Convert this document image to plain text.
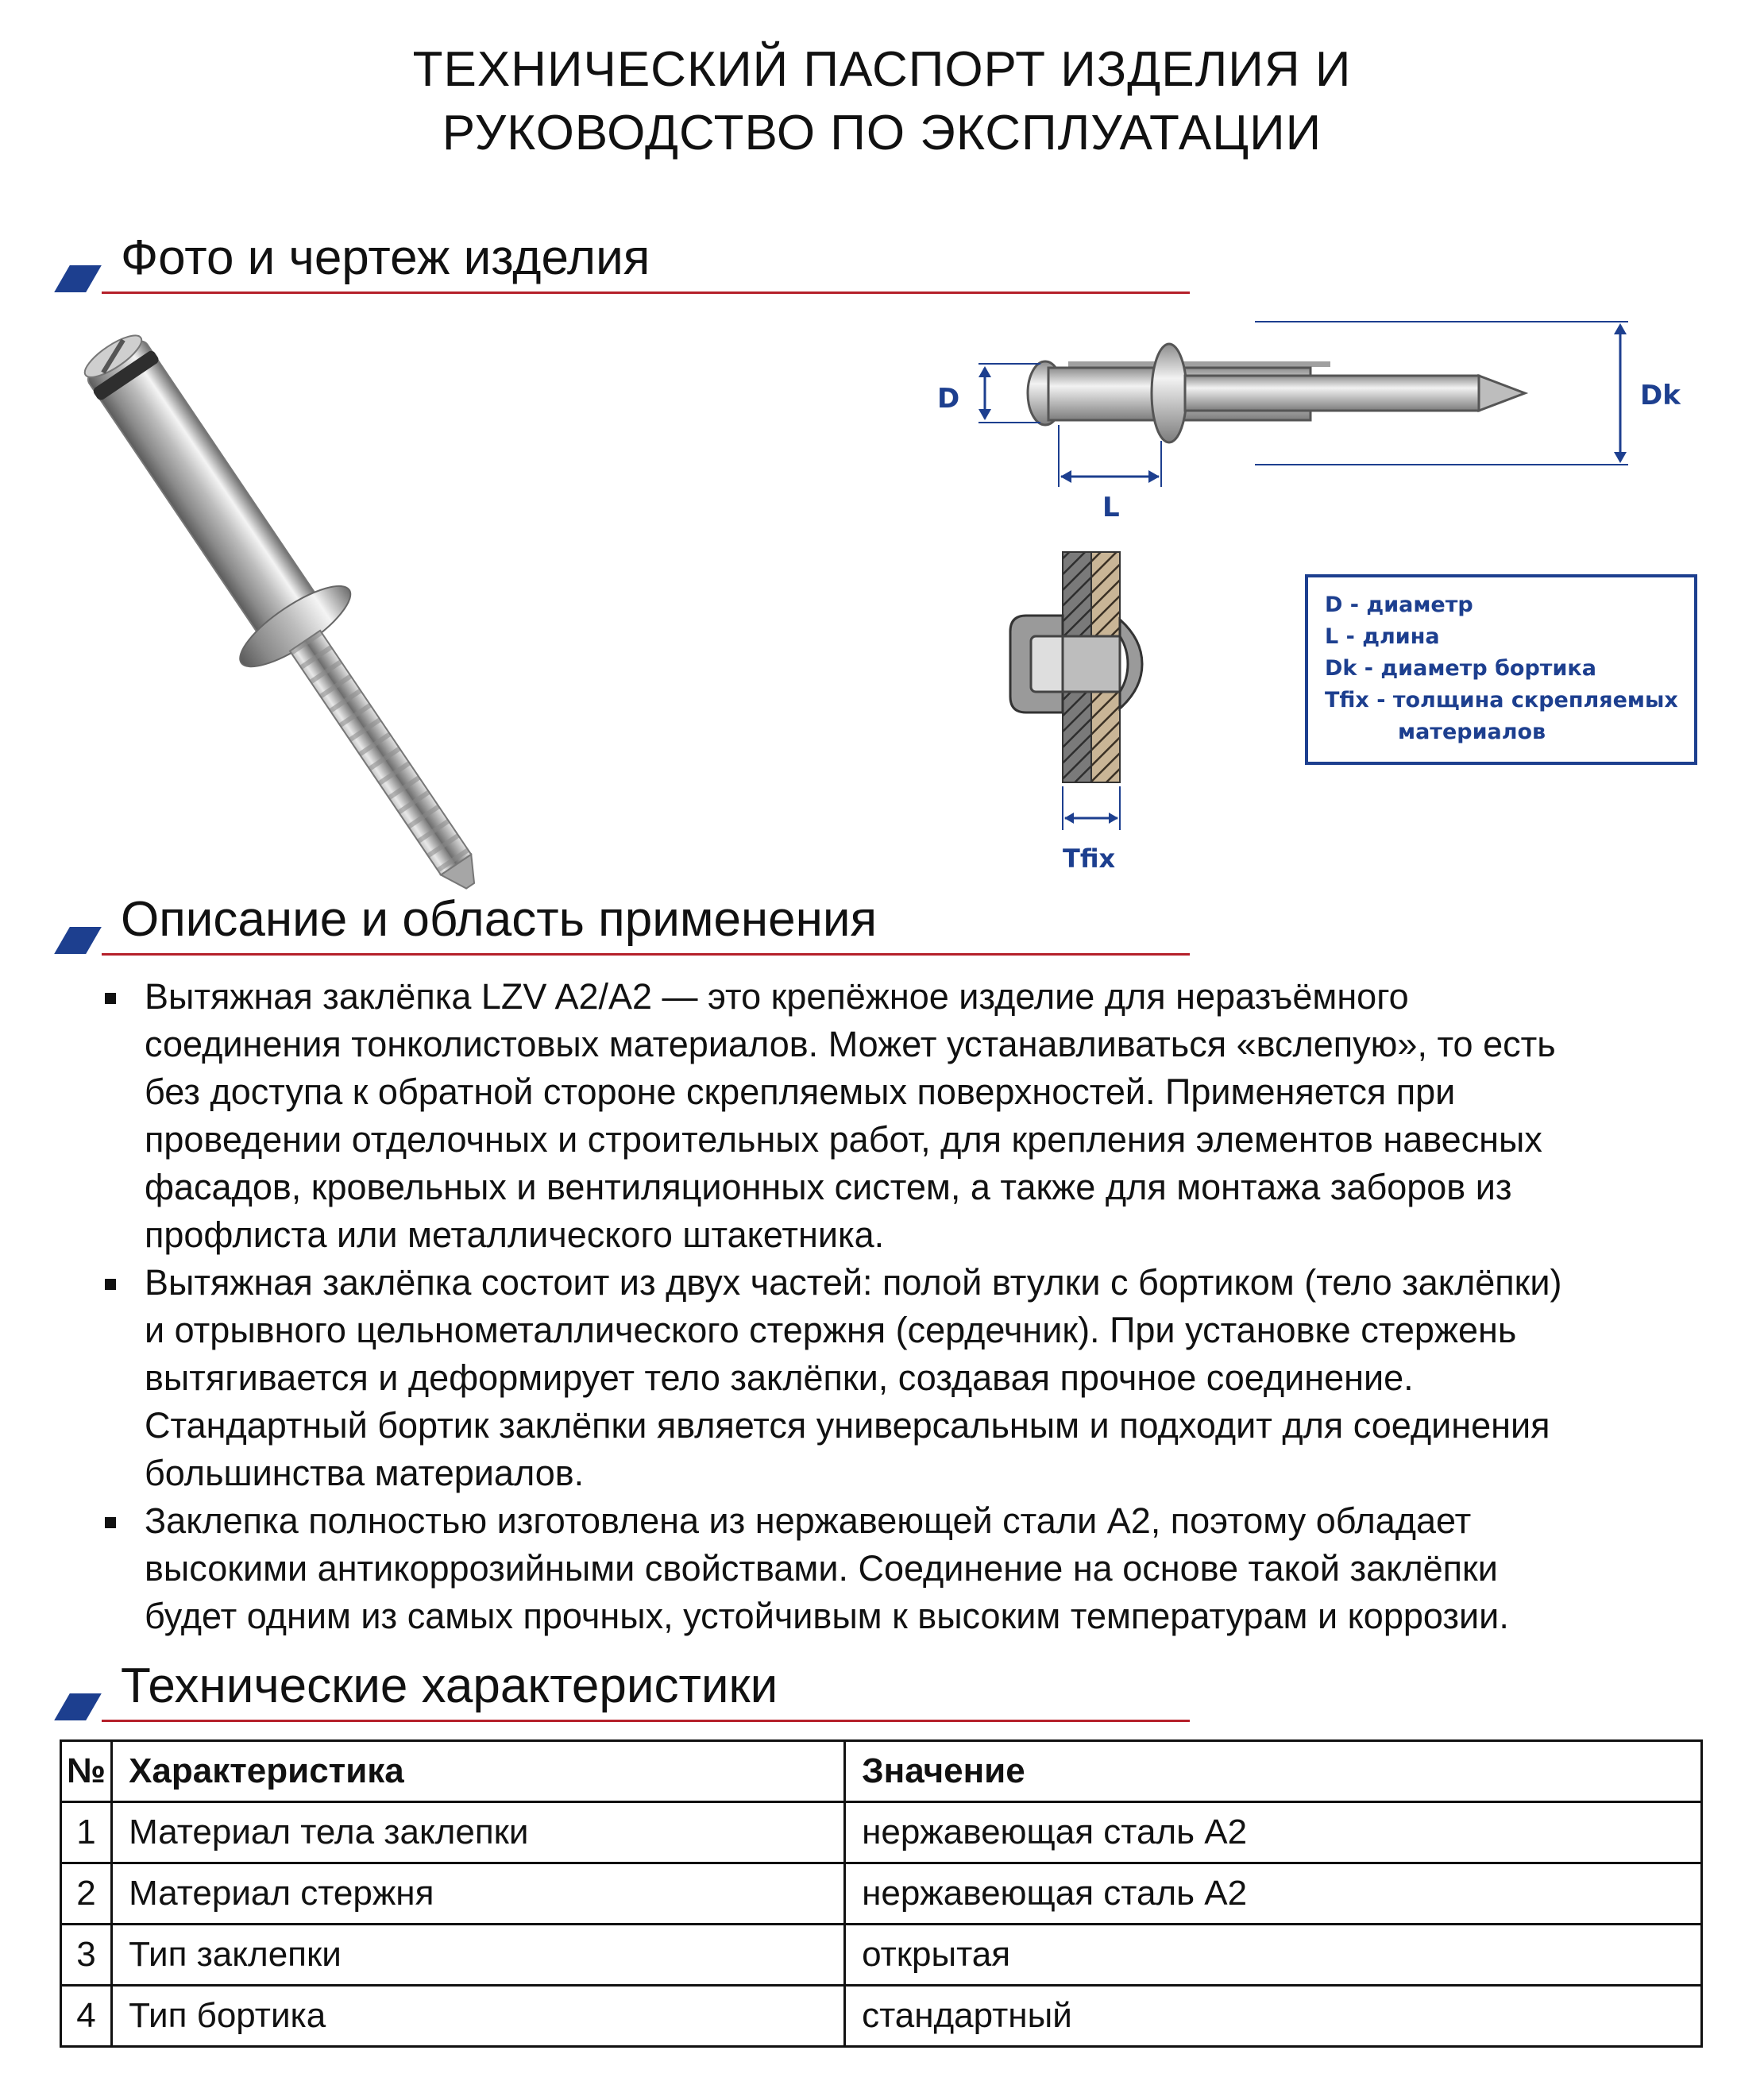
ТЕХНИЧЕСКИЙ ПАСПОРТ ИЗДЕЛИЯ И
РУКОВОДСТВО ПО ЭКСПЛУАТАЦИИ
Фото и чертеж изделия
D
L
Dk
Tfix
D - диаметр
L - длина
Dk - диаметр бортика
Tfix - толщина скрепляемых
материалов
Описание и область применения
Вытяжная заклёпка LZV A2/A2 — это крепёжное изделие для неразъёмного
соединения тонколистовых материалов. Может устанавливаться «вслепую», то есть
без доступа к обратной стороне скрепляемых поверхностей. Применяется при
проведении отделочных и строительных работ, для крепления элементов навесных
фасадов, кровельных и вентиляционных систем, а также для монтажа заборов из
профлиста или металлического штакетника.
Вытяжная заклёпка состоит из двух частей: полой втулки с бортиком (тело заклёпки)
и отрывного цельнометаллического стержня (сердечник). При установке стержень
вытягивается и деформирует тело заклёпки, создавая прочное соединение.
Стандартный бортик заклёпки является универсальным и подходит для соединения
большинства материалов.
Заклепка полностью изготовлена из нержавеющей стали A2, поэтому обладает
высокими антикоррозийными свойствами. Соединение на основе такой заклёпки
будет одним из самых прочных, устойчивым к высоким температурам и коррозии.
Технические характеристики
№	Характеристика	Значение
1	Материал тела заклепки	нержавеющая сталь A2
2	Материал стержня	нержавеющая сталь A2
3	Тип заклепки	открытая
4	Тип бортика	стандартный
